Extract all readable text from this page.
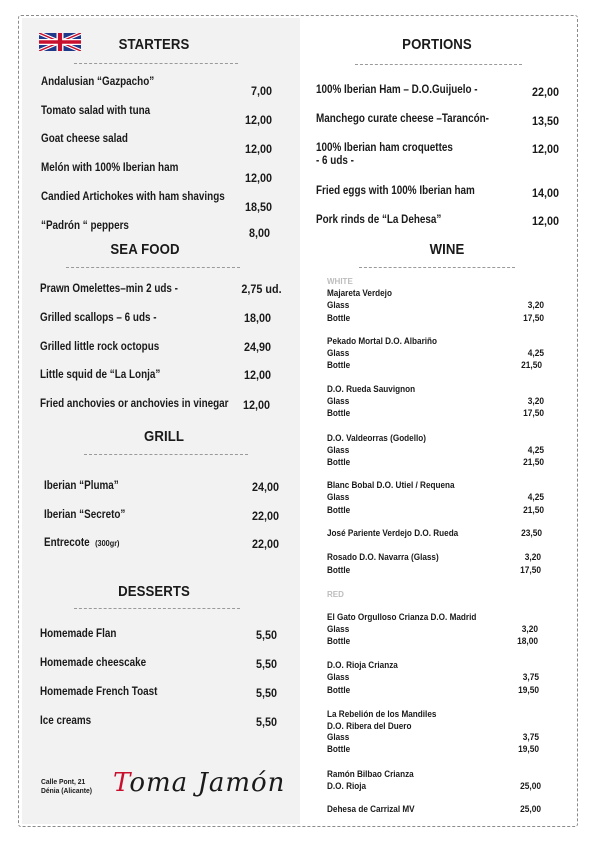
STARTERS
Andalusian “Gazpacho”
7,00
Tomato salad with tuna
12,00
Goat cheese salad
12,00
Melón with 100% Iberian ham
12,00
Candied Artichokes with ham shavings
18,50
“Padrón “ peppers	8,00
SEA FOOD
Prawn Omelettes–min 2 uds -	2,75 ud.
Grilled scallops – 6 uds -	18,00
Grilled little rock octopus	24,90
Little squid de “La Lonja”	12,00
Fried anchovies or anchovies in vinegar	12,00
GRILL
Iberian “Pluma”	24,00
Iberian “Secreto”	22,00
Entrecote (300gr)	22,00
DESSERTS
Homemade Flan	5,50
Homemade cheescake	5,50
Homemade French Toast	5,50
Ice creams	5,50
Calle Pont, 21
Dénia (Alicante) Toma Jamón
PORTIONS
100% Iberian Ham – D.O.Guijuelo -	22,00
Manchego curate cheese –Tarancón-	13,50
100% Iberian ham croquettes
- 6 uds -
12,00
Fried eggs with 100% Iberian ham	14,00
Pork rinds de “La Dehesa”	12,00
WINE
WHITE
Majareta Verdejo
Glass	3,20
Bottle	17,50
Pekado Mortal D.O. Albariño
Glass	4,25
Bottle	21,50
D.O. Rueda Sauvignon
Glass	3,20
Bottle	17,50
D.O. Valdeorras (Godello)
Glass	4,25
Bottle	21,50
Blanc Bobal D.O. Utiel / Requena
Glass	4,25
Bottle	21,50
José Pariente Verdejo D.O. Rueda	23,50
Rosado D.O. Navarra (Glass)	3,20
Bottle	17,50
RED
El Gato Orgulloso Crianza D.O. Madrid
Glass	3,20
Bottle	18,00
D.O. Rioja Crianza
Glass	3,75
Bottle	19,50
La Rebelión de los Mandiles
D.O. Ribera del Duero
Glass	3,75
Bottle	19,50
Ramón Bilbao Crianza
D.O. Rioja	25,00
Dehesa de Carrizal MV	25,00
